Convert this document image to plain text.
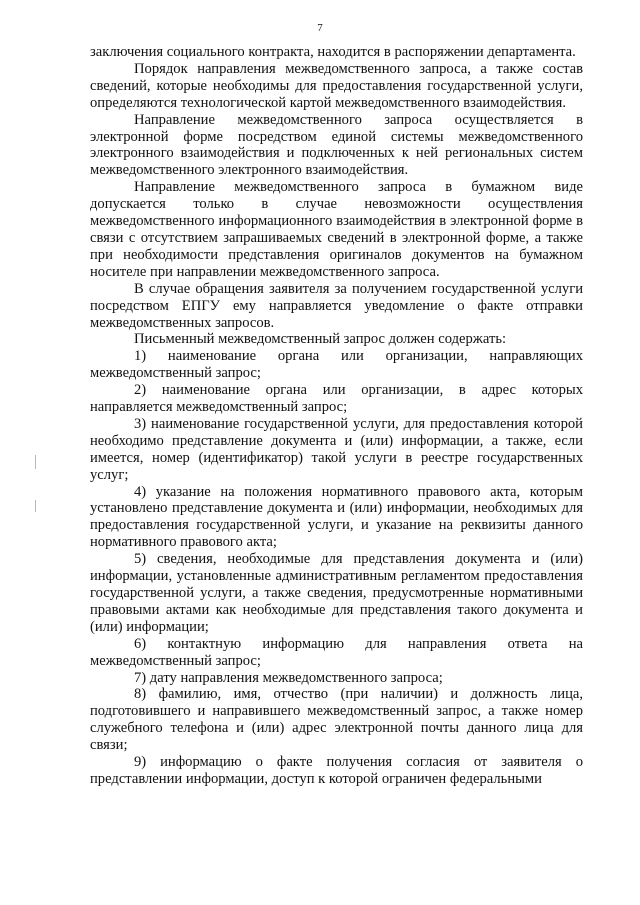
7

заключения социального контракта, находится в распоряжении департамента.

Порядок направления межведомственного запроса, а также состав сведений, которые необходимы для предоставления государственной услуги, определяются технологической картой межведомственного взаимодействия.

Направление межведомственного запроса осуществляется в электронной форме посредством единой системы межведомственного электронного взаимодействия и подключенных к ней региональных систем межведомственного электронного взаимодействия.

Направление межведомственного запроса в бумажном виде допускается только в случае невозможности осуществления межведомственного информационного взаимодействия в электронной форме в связи с отсутствием запрашиваемых сведений в электронной форме, а также при необходимости представления оригиналов документов на бумажном носителе при направлении межведомственного запроса.

В случае обращения заявителя за получением государственной услуги посредством ЕПГУ ему направляется уведомление о факте отправки межведомственных запросов.

Письменный межведомственный запрос должен содержать:

1) наименование органа или организации, направляющих межведомственный запрос;

2) наименование органа или организации, в адрес которых направляется межведомственный запрос;

3) наименование государственной услуги, для предоставления которой необходимо представление документа и (или) информации, а также, если имеется, номер (идентификатор) такой услуги в реестре государственных услуг;

4) указание на положения нормативного правового акта, которым установлено представление документа и (или) информации, необходимых для предоставления государственной услуги, и указание на реквизиты данного нормативного правового акта;

5) сведения, необходимые для представления документа и (или) информации, установленные административным регламентом предоставления государственной услуги, а также сведения, предусмотренные нормативными правовыми актами как необходимые для представления такого документа и (или) информации;

6) контактную информацию для направления ответа на межведомственный запрос;

7) дату направления межведомственного запроса;

8) фамилию, имя, отчество (при наличии) и должность лица, подготовившего и направившего межведомственный запрос, а также номер служебного телефона и (или) адрес электронной почты данного лица для связи;

9) информацию о факте получения согласия от заявителя о представлении информации, доступ к которой ограничен федеральными
